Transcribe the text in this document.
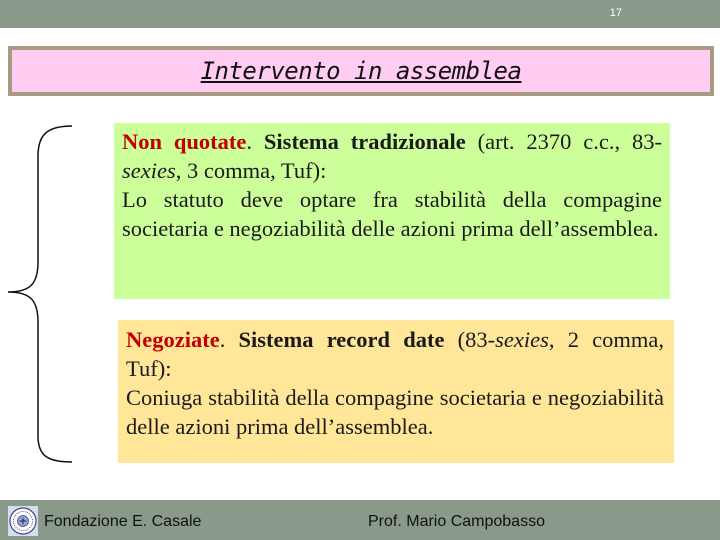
17
Intervento in assemblea

Non quotate. Sistema tradizionale (art. 2370 c.c., 83-sexies, 3 comma, Tuf):

Lo statuto deve optare fra stabilità della compagine societaria e negoziabilità delle azioni prima dell’assemblea.

Negoziate. Sistema record date (83-sexies, 2 comma, Tuf):

Coniuga stabilità della compagine societaria e negoziabilità delle azioni prima dell’assemblea.

Fondazione E. Casale	Prof. Mario Campobasso
